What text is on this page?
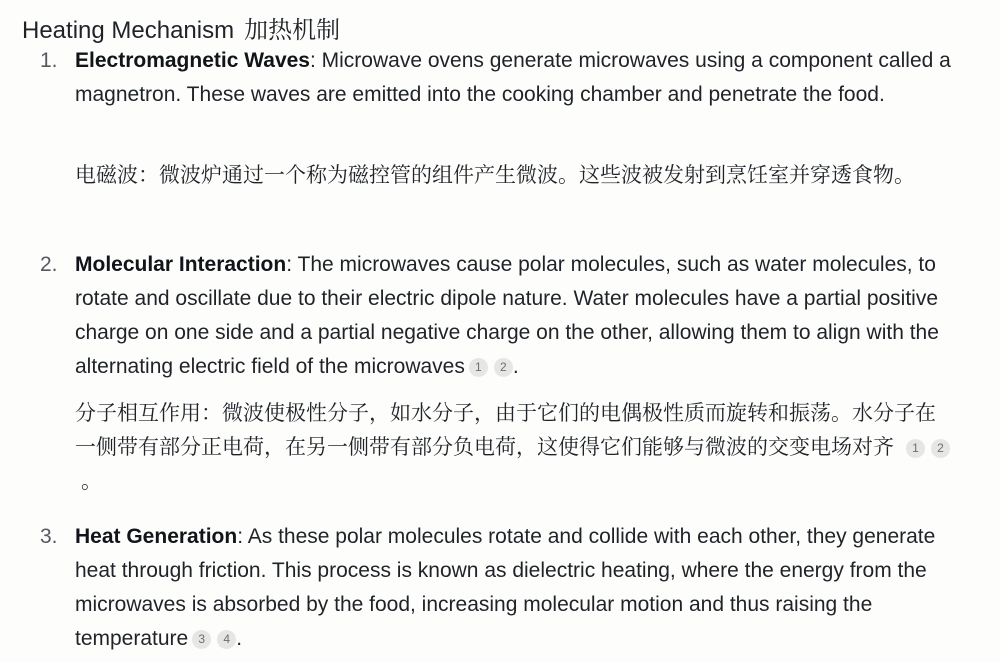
Heating Mechanism 加热机制
1. Electromagnetic Waves: Microwave ovens generate microwaves using a component called a magnetron. These waves are emitted into the cooking chamber and penetrate the food.

电磁波：微波炉通过一个称为磁控管的组件产生微波。这些波被发射到烹饪室并穿透食物。

2. Molecular Interaction: The microwaves cause polar molecules, such as water molecules, to rotate and oscillate due to their electric dipole nature. Water molecules have a partial positive charge on one side and a partial negative charge on the other, allowing them to align with the alternating electric field of the microwaves 1 2 .

分子相互作用：微波使极性分子，如水分子，由于它们的电偶极性质而旋转和振荡。水分子在一侧带有部分正电荷，在另一侧带有部分负电荷，这使得它们能够与微波的交变电场对齐 1 2。

3. Heat Generation: As these polar molecules rotate and collide with each other, they generate heat through friction. This process is known as dielectric heating, where the energy from the microwaves is absorbed by the food, increasing molecular motion and thus raising the temperature 3 4 .
